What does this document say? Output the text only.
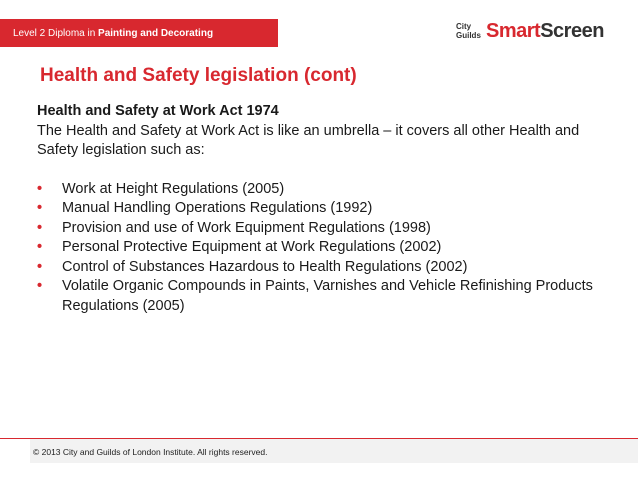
Level 2 Diploma in Painting and Decorating
City
Guilds SmartScreen
Health and Safety legislation (cont)
Health and Safety at Work Act 1974

The Health and Safety at Work Act is like an umbrella – it covers all other Health and Safety legislation such as:

• Work at Height Regulations (2005)
• Manual Handling Operations Regulations (1992)
• Provision and use of Work Equipment Regulations (1998)
• Personal Protective Equipment at Work Regulations (2002)
• Control of Substances Hazardous to Health Regulations (2002)
• Volatile Organic Compounds in Paints, Varnishes and Vehicle Refinishing Products Regulations (2005)
© 2013 City and Guilds of London Institute. All rights reserved.
